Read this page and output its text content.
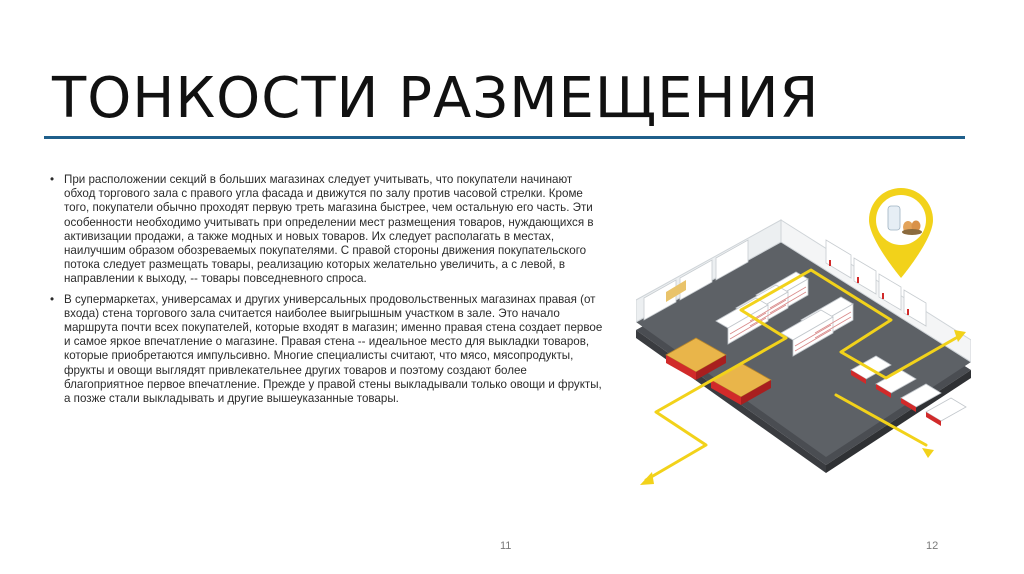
ТОНКОСТИ РАЗМЕЩЕНИЯ

• При расположении секций в больших магазинах следует учитывать, что покупатели начинают обход торгового зала с правого угла фасада и движутся по залу против часовой стрелки. Кроме того, покупатели обычно проходят первую треть магазина быстрее, чем остальную его часть. Эти особенности необходимо учитывать при определении мест размещения товаров, нуждающихся в активизации продажи, а также модных и новых товаров. Их следует располагать в местах, наилучшим образом обозреваемых покупателями. С правой стороны движения покупательского потока следует размещать товары, реализацию которых желательно увеличить, а с левой, в направлении к выходу, -- товары повседневного спроса.

• В супермаркетах, универсамах и других универсальных продовольственных магазинах правая (от входа) стена торгового зала считается наиболее выигрышным участком в зале. Это начало маршрута почти всех покупателей, которые входят в магазин; именно правая стена создает первое и самое яркое впечатление о магазине. Правая стена -- идеальное место для выкладки товаров, которые приобретаются импульсивно. Многие специалисты считают, что мясо, мясопродукты, фрукты и овощи выглядят привлекательнее других товаров и поэтому создают более благоприятное первое впечатление. Прежде у правой стены выкладывали только овощи и фрукты, а позже стали выкладывать и другие вышеуказанные товары.

11	12
